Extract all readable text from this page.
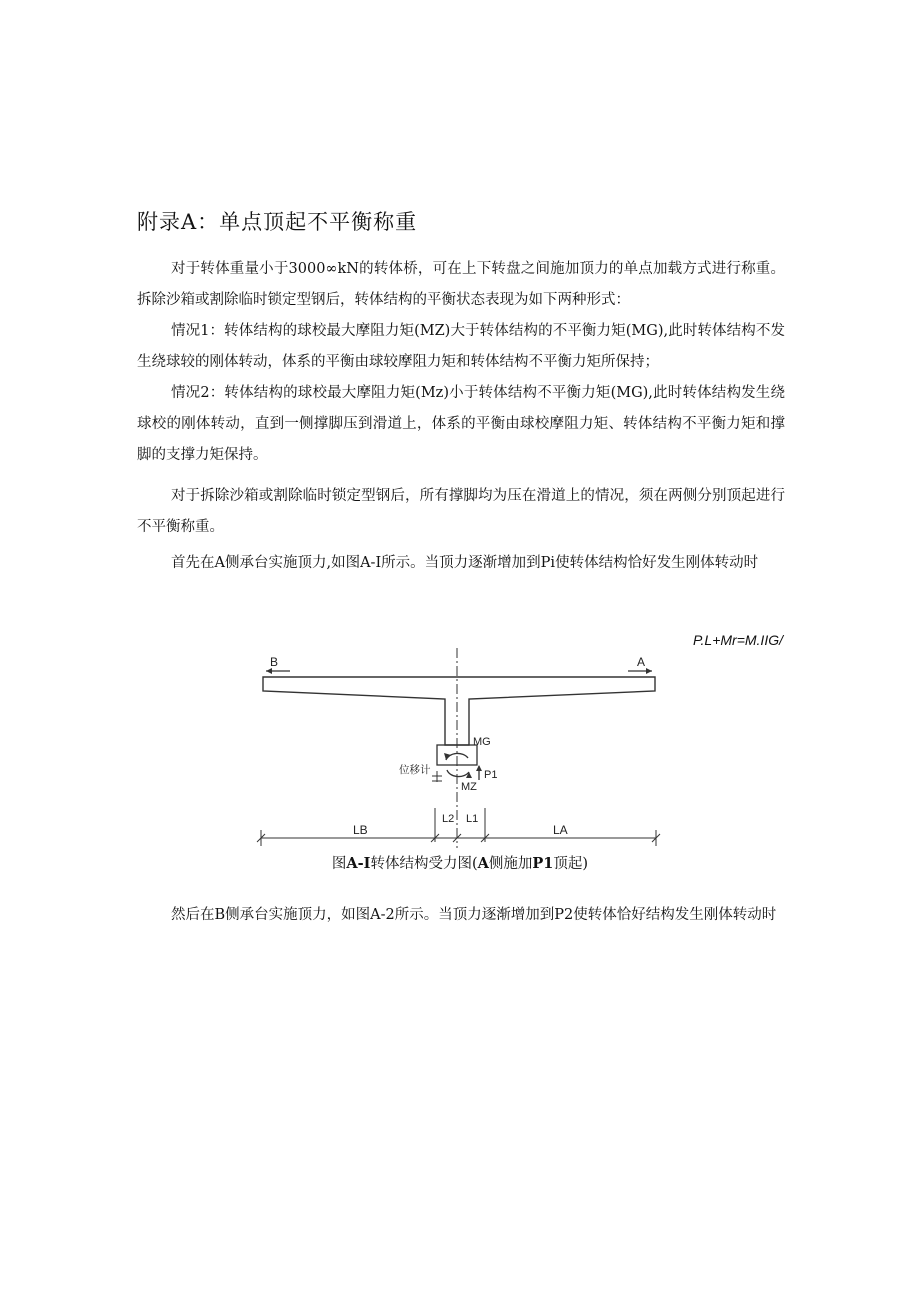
附录A：单点顶起不平衡称重

对于转体重量小于3000∞kN的转体桥，可在上下转盘之间施加顶力的单点加载方式进行称重。拆除沙箱或割除临时锁定型钢后，转体结构的平衡状态表现为如下两种形式：

情况1：转体结构的球校最大摩阻力矩(MZ)大于转体结构的不平衡力矩(MG),此时转体结构不发生绕球较的刚体转动，体系的平衡由球较摩阻力矩和转体结构不平衡力矩所保持；

情况2：转体结构的球校最大摩阻力矩(Mz)小于转体结构不平衡力矩(MG),此时转体结构发生绕球校的刚体转动，直到一侧撑脚压到滑道上，体系的平衡由球校摩阻力矩、转体结构不平衡力矩和撑脚的支撑力矩保持。

对于拆除沙箱或割除临时锁定型钢后，所有撑脚均为压在滑道上的情况，须在两侧分别顶起进行不平衡称重。

首先在A侧承台实施顶力,如图A-I所示。当顶力逐渐增加到Pi使转体结构恰好发生刚体转动时

P.L+Mr=M.IIG/
B	A
位移计
MG
MZ
P1
L2 L1
LB	LA

图A-I转体结构受力图(A侧施加P1顶起)

然后在B侧承台实施顶力，如图A-2所示。当顶力逐渐增加到P2使转体恰好结构发生刚体转动时
